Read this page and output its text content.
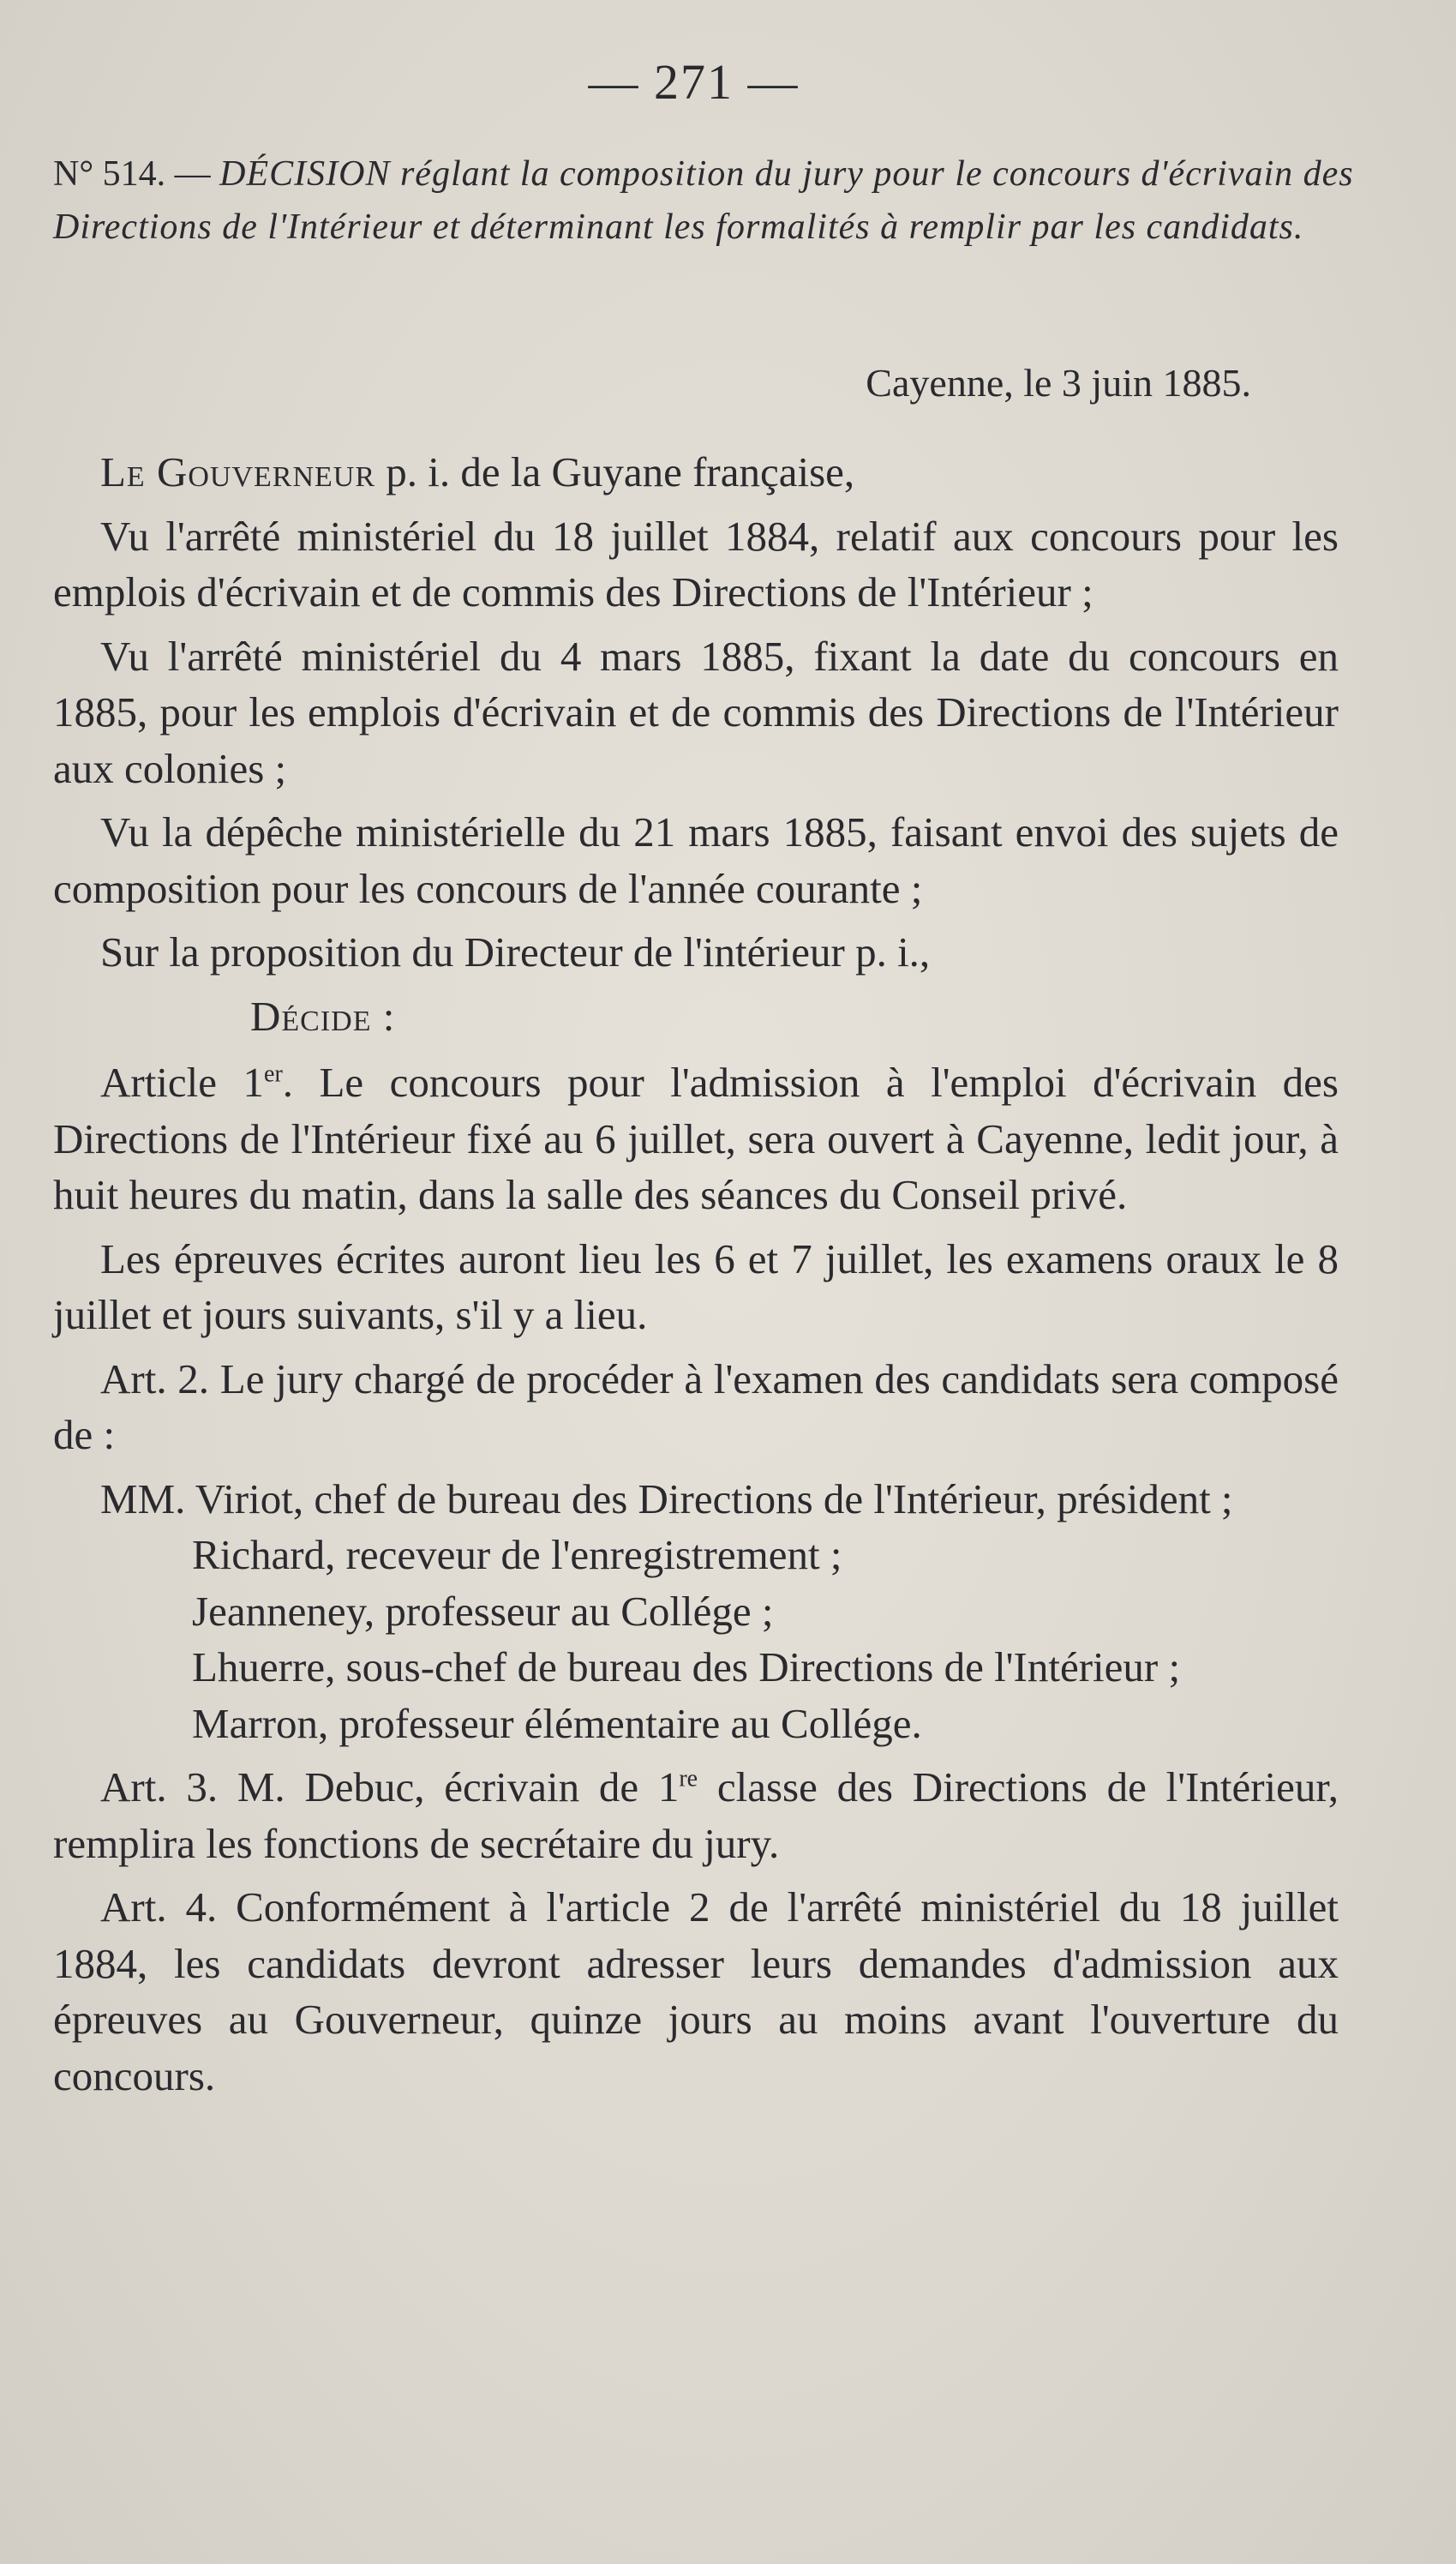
— 271 —
N° 514. — DÉCISION réglant la composition du jury pour le concours d'écrivain des Directions de l'Intérieur et déterminant les formalités à remplir par les candidats.
Cayenne, le 3 juin 1885.

Le Gouverneur p. i. de la Guyane française,

Vu l'arrêté ministériel du 18 juillet 1884, relatif aux concours pour les emplois d'écrivain et de commis des Directions de l'Intérieur ;

Vu l'arrêté ministériel du 4 mars 1885, fixant la date du concours en 1885, pour les emplois d'écrivain et de commis des Directions de l'Intérieur aux colonies ;

Vu la dépêche ministérielle du 21 mars 1885, faisant envoi des sujets de composition pour les concours de l'année courante ;

Sur la proposition du Directeur de l'intérieur p. i.,

Décide :

Article 1er. Le concours pour l'admission à l'emploi d'écrivain des Directions de l'Intérieur fixé au 6 juillet, sera ouvert à Cayenne, ledit jour, à huit heures du matin, dans la salle des séances du Conseil privé.

Les épreuves écrites auront lieu les 6 et 7 juillet, les examens oraux le 8 juillet et jours suivants, s'il y a lieu.

Art. 2. Le jury chargé de procéder à l'examen des candidats sera composé de :

MM. Viriot, chef de bureau des Directions de l'Intérieur, président ;

Richard, receveur de l'enregistrement ;

Jeanneney, professeur au Collége ;

Lhuerre, sous-chef de bureau des Directions de l'Intérieur ;

Marron, professeur élémentaire au Collége.

Art. 3. M. Debuc, écrivain de 1re classe des Directions de l'Intérieur, remplira les fonctions de secrétaire du jury.

Art. 4. Conformément à l'article 2 de l'arrêté ministériel du 18 juillet 1884, les candidats devront adresser leurs demandes d'admission aux épreuves au Gouverneur, quinze jours au moins avant l'ouverture du concours.
